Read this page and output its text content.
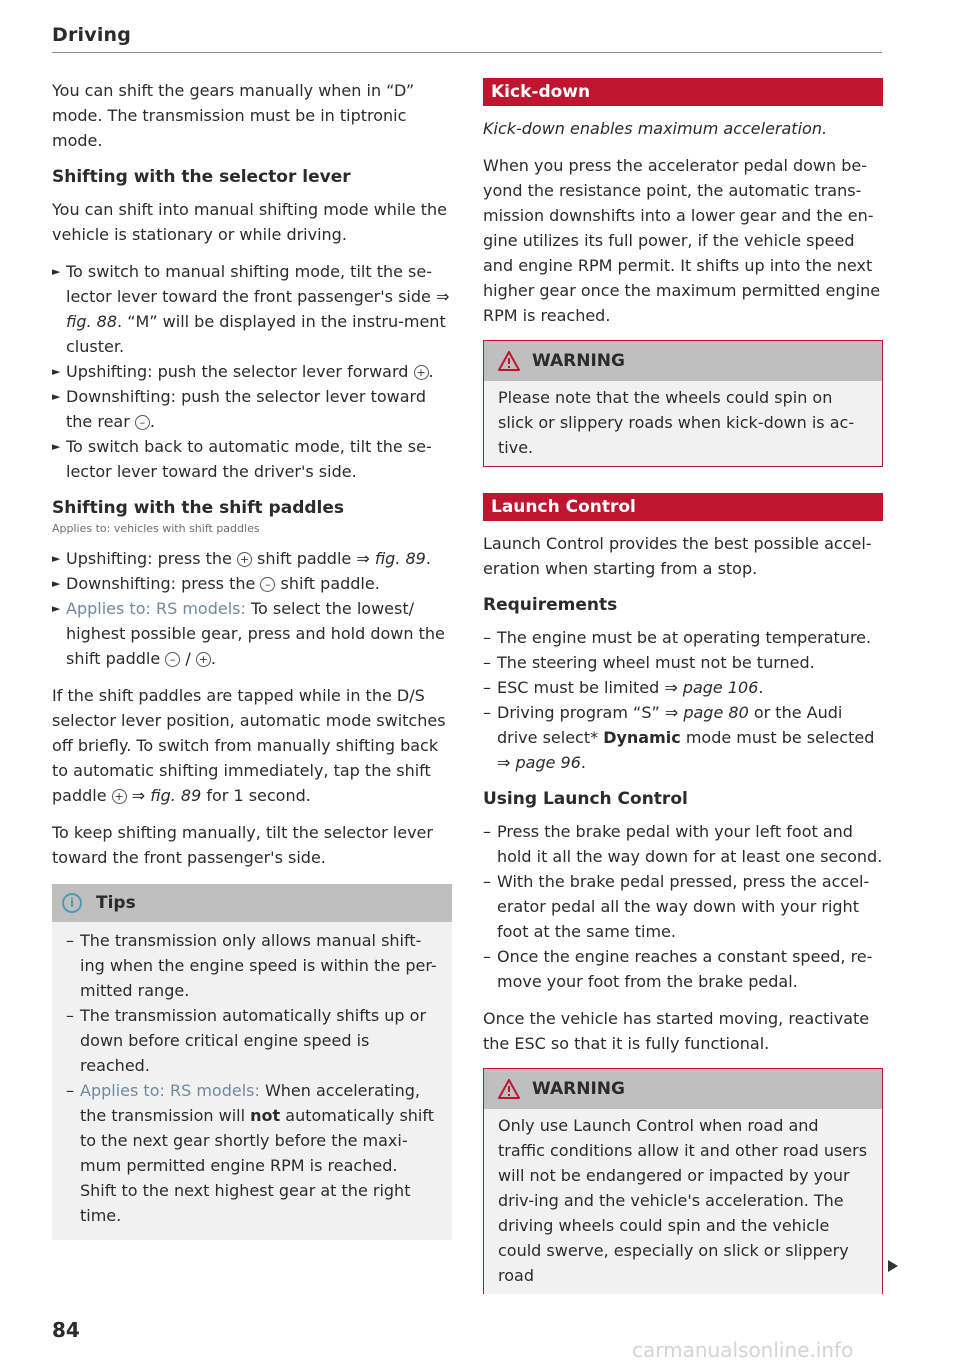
Driving

You can shift the gears manually when in “D” mode. The transmission must be in tiptronic mode.

Shifting with the selector lever

You can shift into manual shifting mode while the vehicle is stationary or while driving.

► To switch to manual shifting mode, tilt the se-lector lever toward the front passenger's side ⇒ fig. 88. “M” will be displayed in the instru-ment cluster.
► Upshifting: push the selector lever forward + .
► Downshifting: push the selector lever toward the rear – .
► To switch back to automatic mode, tilt the se-lector lever toward the driver's side.
Shifting with the shift paddles
Applies to: vehicles with shift paddles
► Upshifting: press the + shift paddle ⇒ fig. 89.
► Downshifting: press the – shift paddle.
► Applies to: RS models: To select the lowest/ highest possible gear, press and hold down the shift paddle – / + .

If the shift paddles are tapped while in the D/S selector lever position, automatic mode switches off briefly. To switch from manually shifting back to automatic shifting immediately, tap the shift paddle + ⇒ fig. 89 for 1 second.

To keep shifting manually, tilt the selector lever toward the front passenger's side.

i	Tips
– The transmission only allows manual shift-ing when the engine speed is within the per-mitted range.
– The transmission automatically shifts up or down before critical engine speed is reached.
– Applies to: RS models: When accelerating, the transmission will not automatically shift to the next gear shortly before the maxi-mum permitted engine RPM is reached. Shift to the next highest gear at the right time.
Kick-down

Kick-down enables maximum acceleration.

When you press the accelerator pedal down be-yond the resistance point, the automatic trans-mission downshifts into a lower gear and the en-gine utilizes its full power, if the vehicle speed and engine RPM permit. It shifts up into the next higher gear once the maximum permitted engine RPM is reached.

WARNING
Please note that the wheels could spin on slick or slippery roads when kick-down is ac-tive.
Launch Control

Launch Control provides the best possible accel-eration when starting from a stop.

Requirements
– The engine must be at operating temperature.
– The steering wheel must not be turned.
– ESC must be limited ⇒ page 106.
– Driving program “S” ⇒ page 80 or the Audi drive select* Dynamic mode must be selected ⇒ page 96.
Using Launch Control
– Press the brake pedal with your left foot and hold it all the way down for at least one second.
– With the brake pedal pressed, press the accel-erator pedal all the way down with your right foot at the same time.
– Once the engine reaches a constant speed, re-move your foot from the brake pedal.

Once the vehicle has started moving, reactivate the ESC so that it is fully functional.

WARNING
Only use Launch Control when road and traffic conditions allow it and other road users will not be endangered or impacted by your driv-ing and the vehicle's acceleration. The driving wheels could spin and the vehicle could swerve, especially on slick or slippery road
84
carmanualsonline.info
